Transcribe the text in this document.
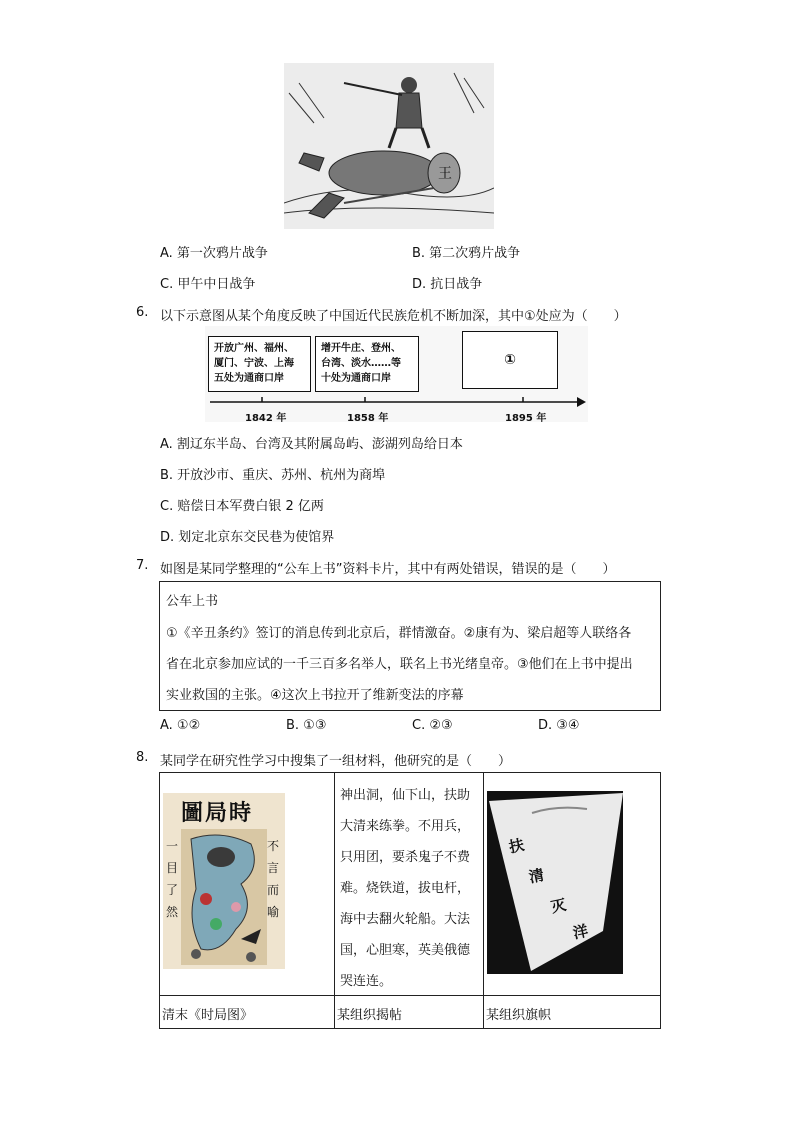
王
A. 第一次鸦片战争	B. 第二次鸦片战争
C. 甲午中日战争	D. 抗日战争
6. 以下示意图从某个角度反映了中国近代民族危机不断加深，其中①处应为（　　）
开放广州、福州、
厦门、宁波、上海
五处为通商口岸
增开牛庄、登州、
台湾、淡水……等
十处为通商口岸
①
1842 年	1858 年	1895 年
A. 割辽东半岛、台湾及其附属岛屿、澎湖列岛给日本
B. 开放沙市、重庆、苏州、杭州为商埠
C. 赔偿日本军费白银 2 亿两
D. 划定北京东交民巷为使馆界
7. 如图是某同学整理的“公车上书”资料卡片，其中有两处错误，错误的是（　　）
公车上书
①《辛丑条约》签订的消息传到北京后，群情激奋。②康有为、梁启超等人联络各
省在北京参加应试的一千三百多名举人，联名上书光绪皇帝。③他们在上书中提出
实业救国的主张。④这次上书拉开了维新变法的序幕
A. ①②	B. ①③	C. ②③	D. ③④
8. 某同学在研究性学习中搜集了一组材料，他研究的是（　　）
圖局時
一
目
了
然
不
言
而
喻
神出洞，仙下山，扶助
大清来练拳。不用兵，
只用团，要杀鬼子不费
难。烧铁道，拔电杆，
海中去翻火轮船。大法
国，心胆寒，英美俄德
哭连连。
扶
清
灭
洋
清末《时局图》	某组织揭帖	某组织旗帜
